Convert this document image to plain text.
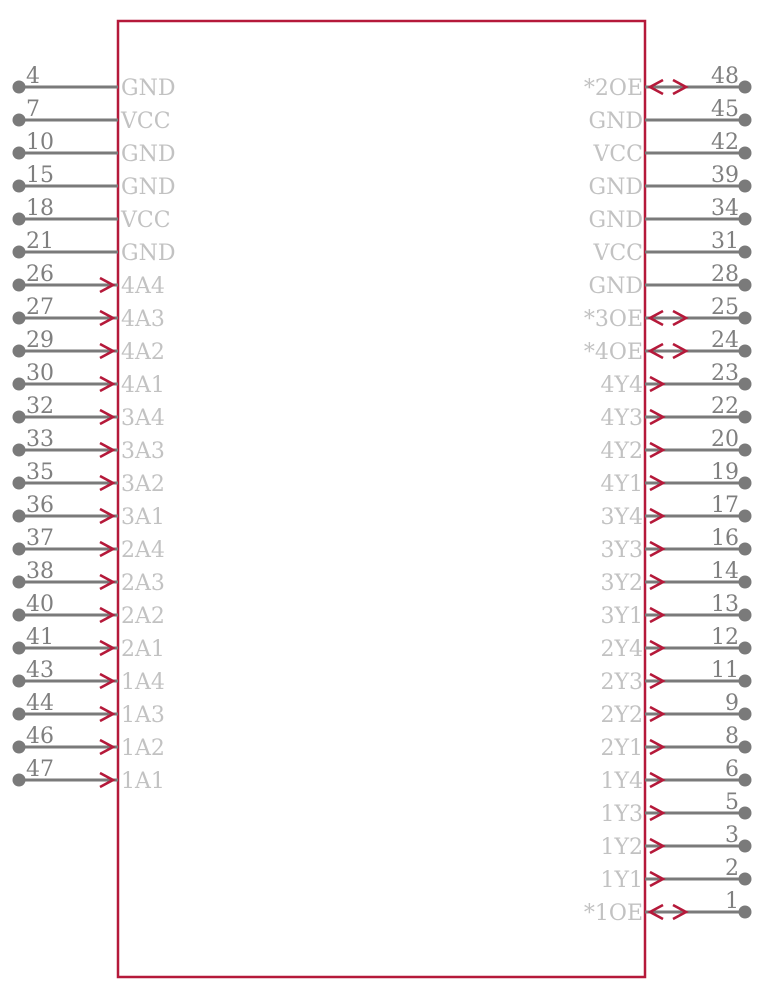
4	GND
7	VCC
10	GND
15	GND
18	VCC
21	GND
26	4A4
27	4A3
29	4A2
30	4A1
32	3A4
33	3A3
35	3A2
36	3A1
37	2A4
38	2A3
40	2A2
41	2A1
43	1A4
44	1A3
46	1A2
47	1A1
48
*2OE
45
GND
42
VCC
39
GND
34
GND
31
VCC
28
GND
25
*3OE
24
*4OE
23
4Y4
22
4Y3
20
4Y2
19
4Y1
17
3Y4
16
3Y3
14
3Y2
13
3Y1
12
2Y4
11
2Y3
9
2Y2
8
2Y1
6
1Y4
5
1Y3
3
1Y2
2
1Y1
1
*1OE
